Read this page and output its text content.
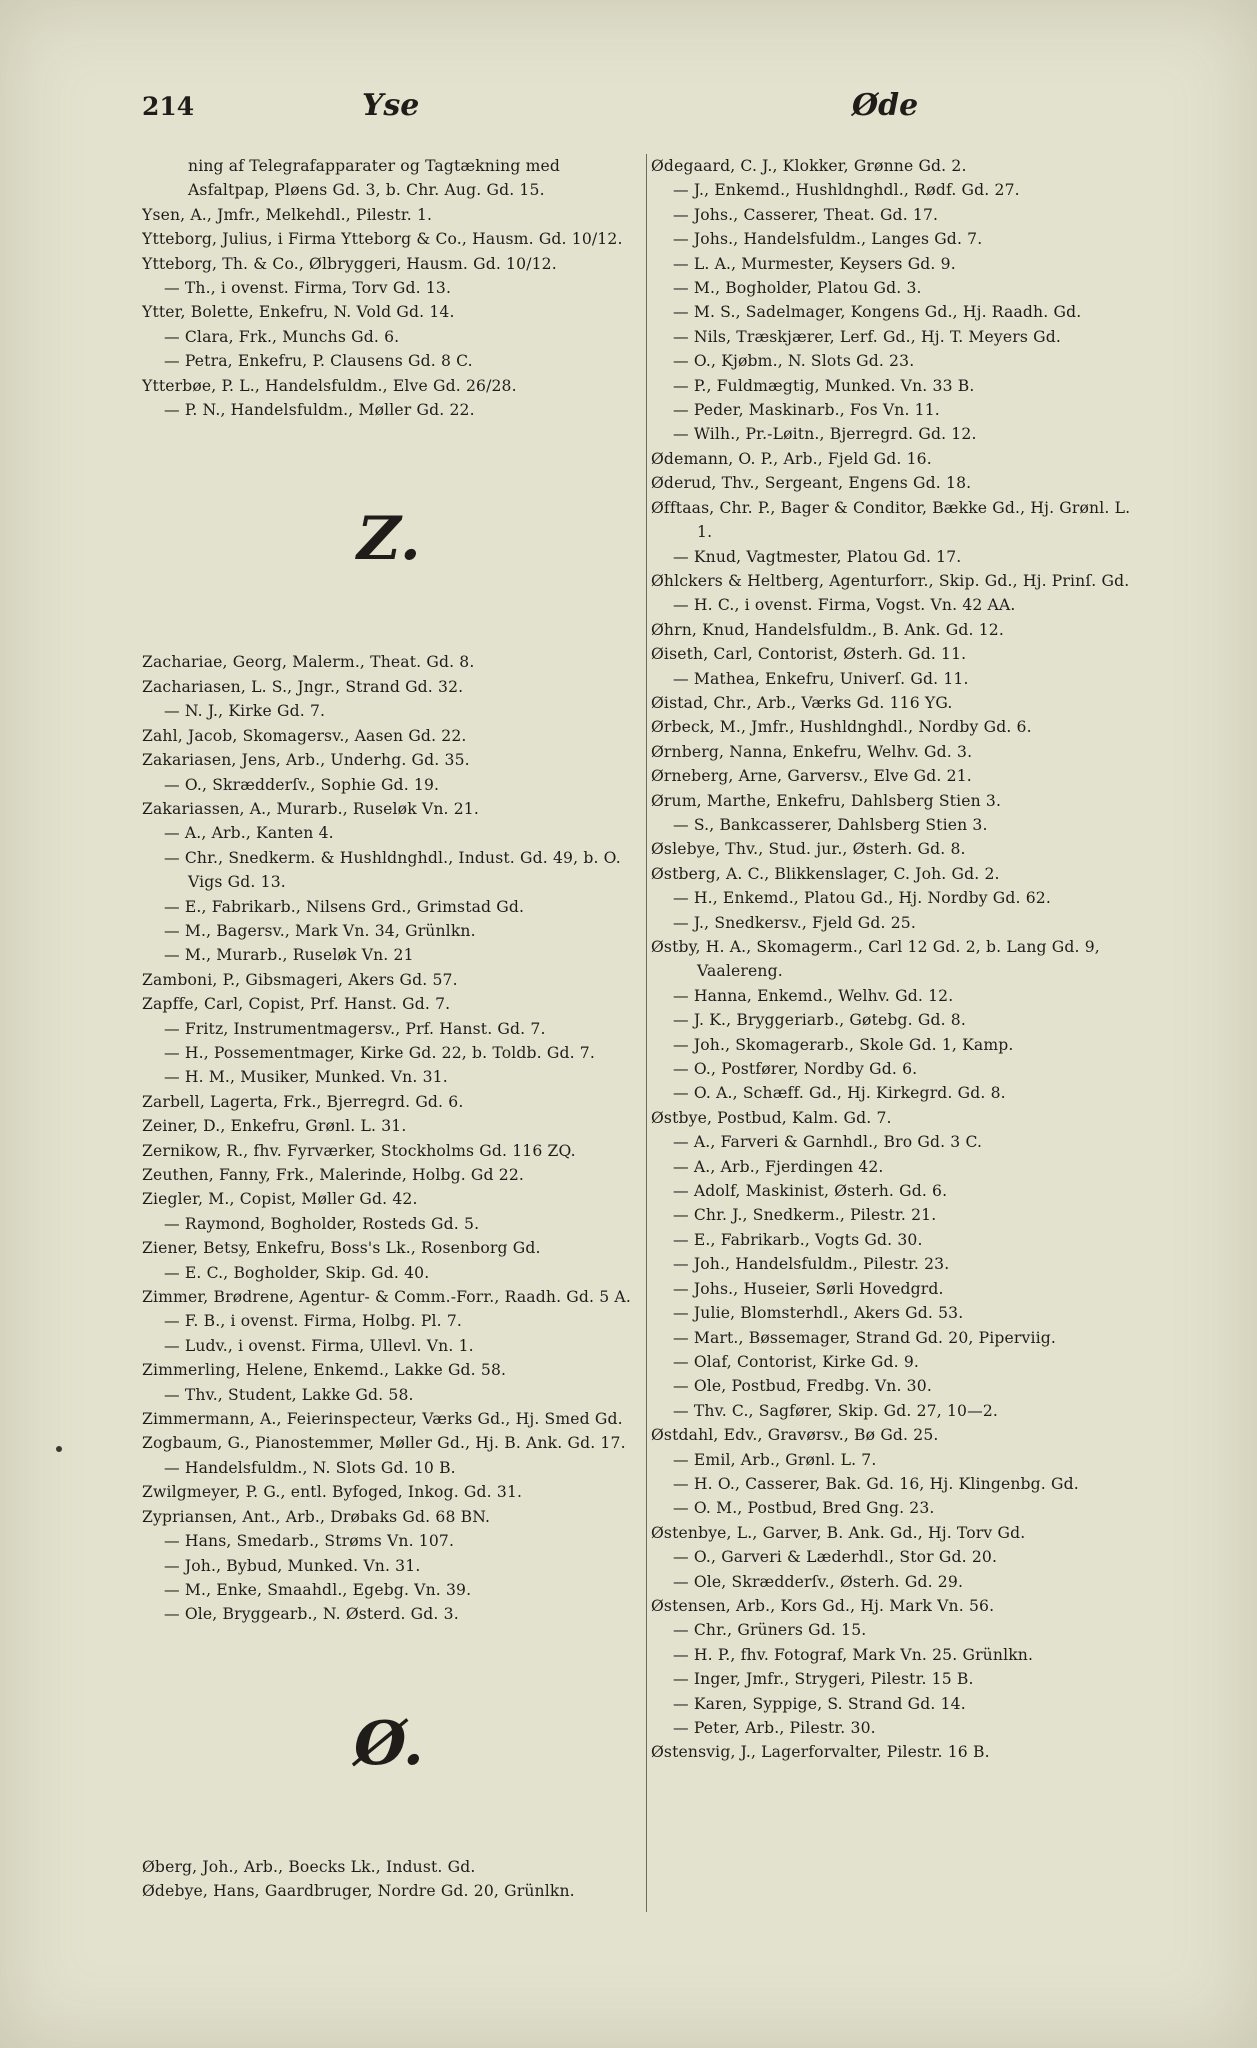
214	Yse	Øde

ning af Telegrafapparater og Tagtækning med Asfaltpap, Pløens Gd. 3, b. Chr. Aug. Gd. 15.

Ysen, A., Jmfr., Melkehdl., Pilestr. 1.

Ytteborg, Julius, i Firma Ytteborg & Co., Hausm. Gd. 10/12.

Ytteborg, Th. & Co., Ølbryggeri, Hausm. Gd. 10/12.

— Th., i ovenst. Firma, Torv Gd. 13.

Ytter, Bolette, Enkefru, N. Vold Gd. 14.

— Clara, Frk., Munchs Gd. 6.

— Petra, Enkefru, P. Clausens Gd. 8 C.

Ytterbøe, P. L., Handelsfuldm., Elve Gd. 26/28.

— P. N., Handelsfuldm., Møller Gd. 22.

Z.

Zachariae, Georg, Malerm., Theat. Gd. 8.

Zachariasen, L. S., Jngr., Strand Gd. 32.

— N. J., Kirke Gd. 7.

Zahl, Jacob, Skomagersv., Aasen Gd. 22.

Zakariasen, Jens, Arb., Underhg. Gd. 35.

— O., Skrædderſv., Sophie Gd. 19.

Zakariassen, A., Murarb., Ruseløk Vn. 21.

— A., Arb., Kanten 4.

— Chr., Snedkerm. & Hushldnghdl., Indust. Gd. 49, b. O. Vigs Gd. 13.

— E., Fabrikarb., Nilsens Grd., Grimstad Gd.

— M., Bagersv., Mark Vn. 34, Grünlkn.

— M., Murarb., Ruseløk Vn. 21

Zamboni, P., Gibsmageri, Akers Gd. 57.

Zapffe, Carl, Copist, Prf. Hanst. Gd. 7.

— Fritz, Instrumentmagersv., Prf. Hanst. Gd. 7.

— H., Possementmager, Kirke Gd. 22, b. Toldb. Gd. 7.

— H. M., Musiker, Munked. Vn. 31.

Zarbell, Lagerta, Frk., Bjerregrd. Gd. 6.

Zeiner, D., Enkefru, Grønl. L. 31.

Zernikow, R., fhv. Fyrværker, Stockholms Gd. 116 ZQ.

Zeuthen, Fanny, Frk., Malerinde, Holbg. Gd 22.

Ziegler, M., Copist, Møller Gd. 42.

— Raymond, Bogholder, Rosteds Gd. 5.

Ziener, Betsy, Enkefru, Boss's Lk., Rosenborg Gd.

— E. C., Bogholder, Skip. Gd. 40.

Zimmer, Brødrene, Agentur- & Comm.-Forr., Raadh. Gd. 5 A.

— F. B., i ovenst. Firma, Holbg. Pl. 7.

— Ludv., i ovenst. Firma, Ullevl. Vn. 1.

Zimmerling, Helene, Enkemd., Lakke Gd. 58.

— Thv., Student, Lakke Gd. 58.

Zimmermann, A., Feierinspecteur, Værks Gd., Hj. Smed Gd.

Zogbaum, G., Pianostemmer, Møller Gd., Hj. B. Ank. Gd. 17.

— Handelsfuldm., N. Slots Gd. 10 B.

Zwilgmeyer, P. G., entl. Byfoged, Inkog. Gd. 31.

Zypriansen, Ant., Arb., Drøbaks Gd. 68 BN.

— Hans, Smedarb., Strøms Vn. 107.

— Joh., Bybud, Munked. Vn. 31.

— M., Enke, Smaahdl., Egebg. Vn. 39.

— Ole, Bryggearb., N. Østerd. Gd. 3.

Ø.

Øberg, Joh., Arb., Boecks Lk., Indust. Gd.

Ødebye, Hans, Gaardbruger, Nordre Gd. 20, Grünlkn.

Ødegaard, C. J., Klokker, Grønne Gd. 2.

— J., Enkemd., Hushldnghdl., Rødf. Gd. 27.

— Johs., Casserer, Theat. Gd. 17.

— Johs., Handelsfuldm., Langes Gd. 7.

— L. A., Murmester, Keysers Gd. 9.

— M., Bogholder, Platou Gd. 3.

— M. S., Sadelmager, Kongens Gd., Hj. Raadh. Gd.

— Nils, Træskjærer, Lerf. Gd., Hj. T. Meyers Gd.

— O., Kjøbm., N. Slots Gd. 23.

— P., Fuldmægtig, Munked. Vn. 33 B.

— Peder, Maskinarb., Fos Vn. 11.

— Wilh., Pr.-Løitn., Bjerregrd. Gd. 12.

Ødemann, O. P., Arb., Fjeld Gd. 16.

Øderud, Thv., Sergeant, Engens Gd. 18.

Øfftaas, Chr. P., Bager & Conditor, Bække Gd., Hj. Grønl. L. 1.

— Knud, Vagtmester, Platou Gd. 17.

Øhlckers & Heltberg, Agenturforr., Skip. Gd., Hj. Prinſ. Gd.

— H. C., i ovenst. Firma, Vogst. Vn. 42 AA.

Øhrn, Knud, Handelsfuldm., B. Ank. Gd. 12.

Øiseth, Carl, Contorist, Østerh. Gd. 11.

— Mathea, Enkefru, Univerſ. Gd. 11.

Øistad, Chr., Arb., Værks Gd. 116 YG.

Ørbeck, M., Jmfr., Hushldnghdl., Nordby Gd. 6.

Ørnberg, Nanna, Enkefru, Welhv. Gd. 3.

Ørneberg, Arne, Garversv., Elve Gd. 21.

Ørum, Marthe, Enkefru, Dahlsberg Stien 3.

— S., Bankcasserer, Dahlsberg Stien 3.

Øslebye, Thv., Stud. jur., Østerh. Gd. 8.

Østberg, A. C., Blikkenslager, C. Joh. Gd. 2.

— H., Enkemd., Platou Gd., Hj. Nordby Gd. 62.

— J., Snedkersv., Fjeld Gd. 25.

Østby, H. A., Skomagerm., Carl 12 Gd. 2, b. Lang Gd. 9, Vaalereng.

— Hanna, Enkemd., Welhv. Gd. 12.

— J. K., Bryggeriarb., Gøtebg. Gd. 8.

— Joh., Skomagerarb., Skole Gd. 1, Kamp.

— O., Postfører, Nordby Gd. 6.

— O. A., Schæff. Gd., Hj. Kirkegrd. Gd. 8.

Østbye, Postbud, Kalm. Gd. 7.

— A., Farveri & Garnhdl., Bro Gd. 3 C.

— A., Arb., Fjerdingen 42.

— Adolf, Maskinist, Østerh. Gd. 6.

— Chr. J., Snedkerm., Pilestr. 21.

— E., Fabrikarb., Vogts Gd. 30.

— Joh., Handelsfuldm., Pilestr. 23.

— Johs., Huseier, Sørli Hovedgrd.

— Julie, Blomsterhdl., Akers Gd. 53.

— Mart., Bøssemager, Strand Gd. 20, Piperviig.

— Olaf, Contorist, Kirke Gd. 9.

— Ole, Postbud, Fredbg. Vn. 30.

— Thv. C., Sagfører, Skip. Gd. 27, 10—2.

Østdahl, Edv., Gravørsv., Bø Gd. 25.

— Emil, Arb., Grønl. L. 7.

— H. O., Casserer, Bak. Gd. 16, Hj. Klingenbg. Gd.

— O. M., Postbud, Bred Gng. 23.

Østenbye, L., Garver, B. Ank. Gd., Hj. Torv Gd.

— O., Garveri & Læderhdl., Stor Gd. 20.

— Ole, Skrædderſv., Østerh. Gd. 29.

Østensen, Arb., Kors Gd., Hj. Mark Vn. 56.

— Chr., Grüners Gd. 15.

— H. P., fhv. Fotograf, Mark Vn. 25. Grünlkn.

— Inger, Jmfr., Strygeri, Pilestr. 15 B.

— Karen, Syppige, S. Strand Gd. 14.

— Peter, Arb., Pilestr. 30.

Østensvig, J., Lagerforvalter, Pilestr. 16 B.
